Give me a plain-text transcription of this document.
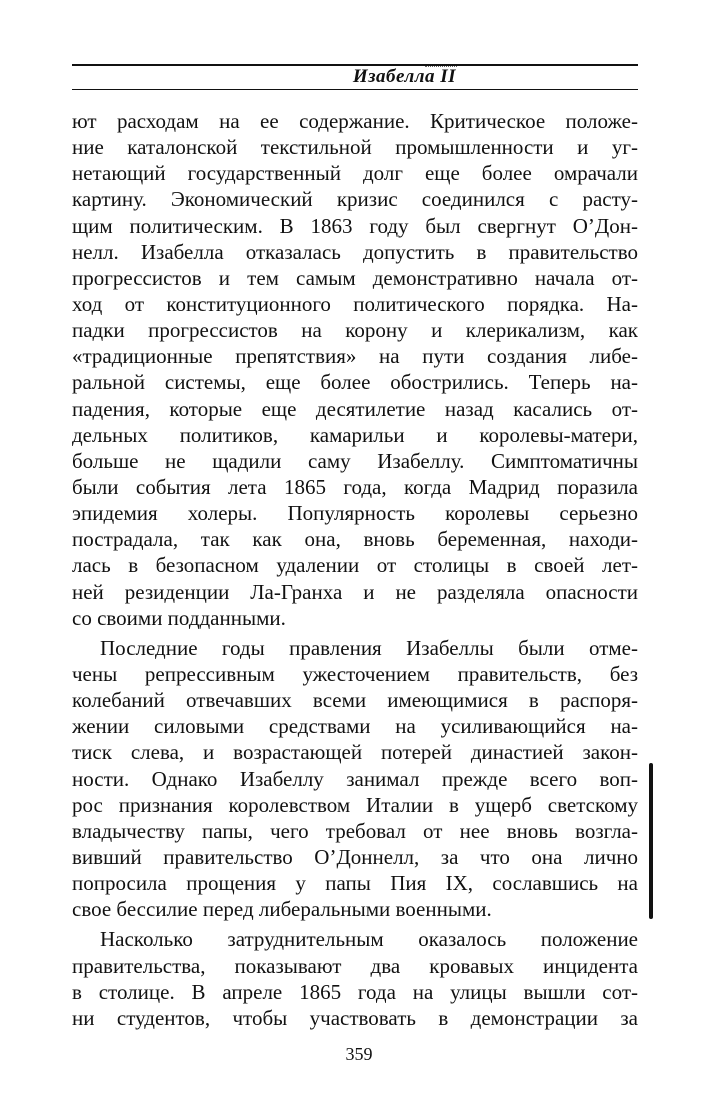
Изабелла II
ют расходам на ее содержание. Критическое положе-
ние каталонской текстильной промышленности и уг-
нетающий государственный долг еще более омрачали
картину. Экономический кризис соединился с расту-
щим политическим. В 1863 году был свергнут О’Дон-
нелл. Изабелла отказалась допустить в правительство
прогрессистов и тем самым демонстративно начала от-
ход от конституционного политического порядка. На-
падки прогрессистов на корону и клерикализм, как
«традиционные препятствия» на пути создания либе-
ральной системы, еще более обострились. Теперь на-
падения, которые еще десятилетие назад касались от-
дельных политиков, камарильи и королевы-матери,
больше не щадили саму Изабеллу. Симптоматичны
были события лета 1865 года, когда Мадрид поразила
эпидемия холеры. Популярность королевы серьезно
пострадала, так как она, вновь беременная, находи-
лась в безопасном удалении от столицы в своей лет-
ней резиденции Ла-Гранха и не разделяла опасности
со своими подданными.
Последние годы правления Изабеллы были отме-
чены репрессивным ужесточением правительств, без
колебаний отвечавших всеми имеющимися в распоря-
жении силовыми средствами на усиливающийся на-
тиск слева, и возрастающей потерей династией закон-
ности. Однако Изабеллу занимал прежде всего воп-
рос признания королевством Италии в ущерб светскому
владычеству папы, чего требовал от нее вновь возгла-
вивший правительство О’Доннелл, за что она лично
попросила прощения у папы Пия IX, сославшись на
свое бессилие перед либеральными военными.
Насколько затруднительным оказалось положение
правительства, показывают два кровавых инцидента
в столице. В апреле 1865 года на улицы вышли сот-
ни студентов, чтобы участвовать в демонстрации за
359
